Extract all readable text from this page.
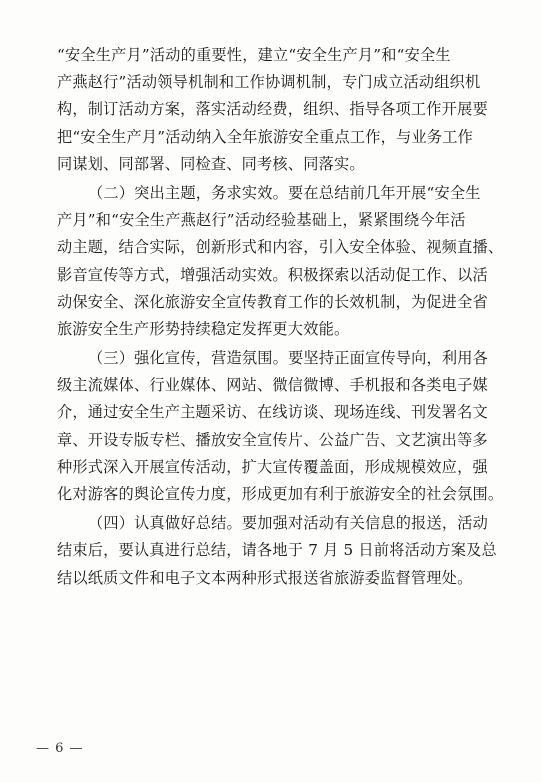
“安全生产月”活动的重要性，建立“安全生产月”和“安全生
产燕赵行”活动领导机制和工作协调机制，专门成立活动组织机
构，制订活动方案，落实活动经费，组织、指导各项工作开展要
把“安全生产月”活动纳入全年旅游安全重点工作，与业务工作
同谋划、同部署、同检查、同考核、同落实。
（二）突出主题，务求实效。要在总结前几年开展“安全生
产月”和“安全生产燕赵行”活动经验基础上，紧紧围绕今年活
动主题，结合实际，创新形式和内容，引入安全体验、视频直播、
影音宣传等方式，增强活动实效。积极探索以活动促工作、以活
动保安全、深化旅游安全宣传教育工作的长效机制，为促进全省
旅游安全生产形势持续稳定发挥更大效能。
（三）强化宣传，营造氛围。要坚持正面宣传导向，利用各
级主流媒体、行业媒体、网站、微信微博、手机报和各类电子媒
介，通过安全生产主题采访、在线访谈、现场连线、刊发署名文
章、开设专版专栏、播放安全宣传片、公益广告、文艺演出等多
种形式深入开展宣传活动，扩大宣传覆盖面，形成规模效应，强
化对游客的舆论宣传力度，形成更加有利于旅游安全的社会氛围。
（四）认真做好总结。要加强对活动有关信息的报送，活动
结束后，要认真进行总结，请各地于 7 月 5 日前将活动方案及总
结以纸质文件和电子文本两种形式报送省旅游委监督管理处。
— 6 —
